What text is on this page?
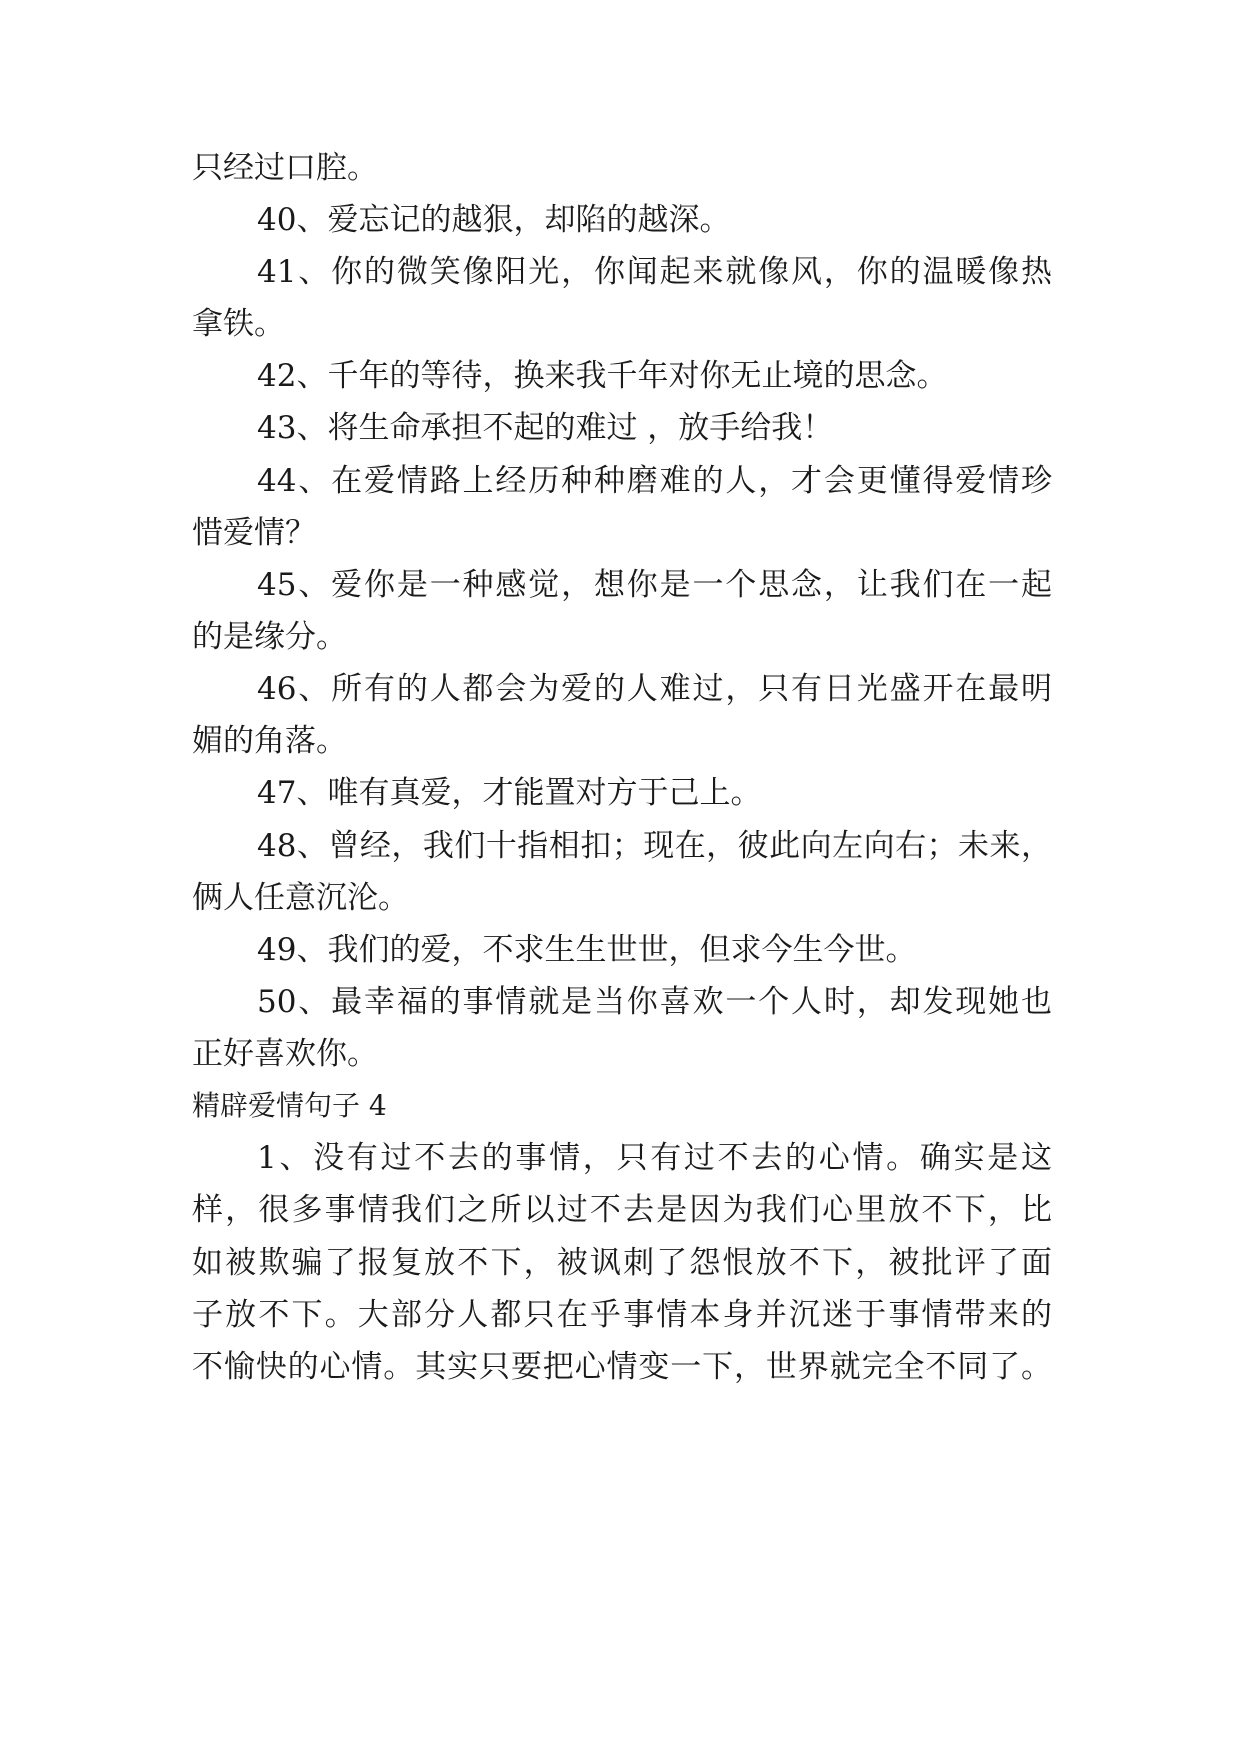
只经过口腔。
40、爱忘记的越狠，却陷的越深。
41、你的微笑像阳光，你闻起来就像风，你的温暖像热
拿铁。
42、千年的等待，换来我千年对你无止境的思念。
43、将生命承担不起的难过 ，放手给我！
44、在爱情路上经历种种磨难的人，才会更懂得爱情珍
惜爱情？
45、爱你是一种感觉，想你是一个思念，让我们在一起
的是缘分。
46、所有的人都会为爱的人难过，只有日光盛开在最明
媚的角落。
47、唯有真爱，才能置对方于己上。
48、曾经，我们十指相扣；现在，彼此向左向右；未来，
俩人任意沉沦。
49、我们的爱，不求生生世世，但求今生今世。
50、最幸福的事情就是当你喜欢一个人时，却发现她也
正好喜欢你。
精辟爱情句子 4
1、没有过不去的事情，只有过不去的心情。确实是这
样，很多事情我们之所以过不去是因为我们心里放不下，比
如被欺骗了报复放不下，被讽刺了怨恨放不下，被批评了面
子放不下。大部分人都只在乎事情本身并沉迷于事情带来的
不愉快的心情。其实只要把心情变一下，世界就完全不同了。
